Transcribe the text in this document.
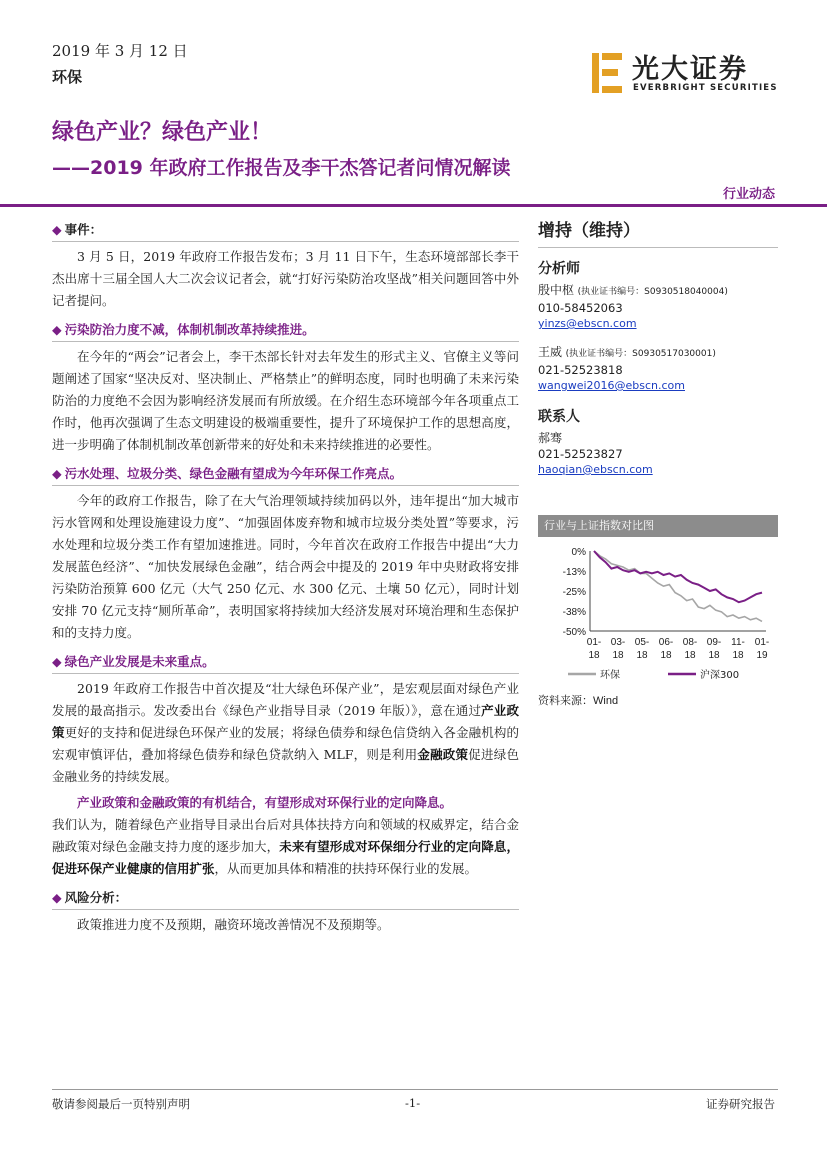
2019 年 3 月 12 日
环保	光大证券
EVERBRIGHT SECURITIES
绿色产业？绿色产业！
——2019 年政府工作报告及李干杰答记者问情况解读
行业动态
◆ 事件：

3 月 5 日，2019 年政府工作报告发布；3 月 11 日下午，生态环境部部长李干杰出席十三届全国人大二次会议记者会，就“打好污染防治攻坚战”相关问题回答中外记者提问。

◆ 污染防治力度不减，体制机制改革持续推进。

在今年的“两会”记者会上，李干杰部长针对去年发生的形式主义、官僚主义等问题阐述了国家“坚决反对、坚决制止、严格禁止”的鲜明态度，同时也明确了未来污染防治的力度绝不会因为影响经济发展而有所放缓。在介绍生态环境部今年各项重点工作时，他再次强调了生态文明建设的极端重要性，提升了环境保护工作的思想高度，进一步明确了体制机制改革创新带来的好处和未来持续推进的必要性。

◆ 污水处理、垃圾分类、绿色金融有望成为今年环保工作亮点。

今年的政府工作报告，除了在大气治理领域持续加码以外，违年提出“加大城市污水管网和处理设施建设力度”、“加强固体废弃物和城市垃圾分类处置”等要求，污水处理和垃圾分类工作有望加速推进。同时，今年首次在政府工作报告中提出“大力发展蓝色经济”、“加快发展绿色金融”，结合两会中提及的 2019 年中央财政将安排污染防治预算 600 亿元（大气 250 亿元、水 300 亿元、土壤 50 亿元），同时计划安排 70 亿元支持“厕所革命”，表明国家将持续加大经济发展对环境治理和生态保护和的支持力度。

◆ 绿色产业发展是未来重点。

2019 年政府工作报告中首次提及“壮大绿色环保产业”，是宏观层面对绿色产业发展的最高指示。发改委出台《绿色产业指导目录（2019 年版）》，意在通过产业政策更好的支持和促进绿色环保产业的发展；将绿色债券和绿色信贷纳入各金融机构的宏观审慎评估，叠加将绿色债券和绿色贷款纳入 MLF，则是利用金融政策促进绿色金融业务的持续发展。

产业政策和金融政策的有机结合，有望形成对环保行业的定向降息。

我们认为，随着绿色产业指导目录出台后对具体扶持方向和领域的权威界定，结合金融政策对绿色金融支持力度的逐步加大，未来有望形成对环保细分行业的定向降息，促进环保产业健康的信用扩张，从而更加具体和精准的扶持环保行业的发展。

◆ 风险分析：

政策推进力度不及预期，融资环境改善情况不及预期等。

增持（维持）
分析师
殷中枢 (执业证书编号：S0930518040004)
010-58452063
yinzs@ebscn.com
王威 (执业证书编号：S0930517030001)
021-52523818
wangwei2016@ebscn.com
联系人
郝骞
021-52523827
haoqian@ebscn.com
行业与上证指数对比图
0%
-13%
-25%
-38%
-50%
01-
18
03-
18
05-
18
06-
18
08-
18
09-
18
11-
18
01-
19
环保	沪深300
资料来源：Wind
敬请参阅最后一页特别声明	-1-	证券研究报告
